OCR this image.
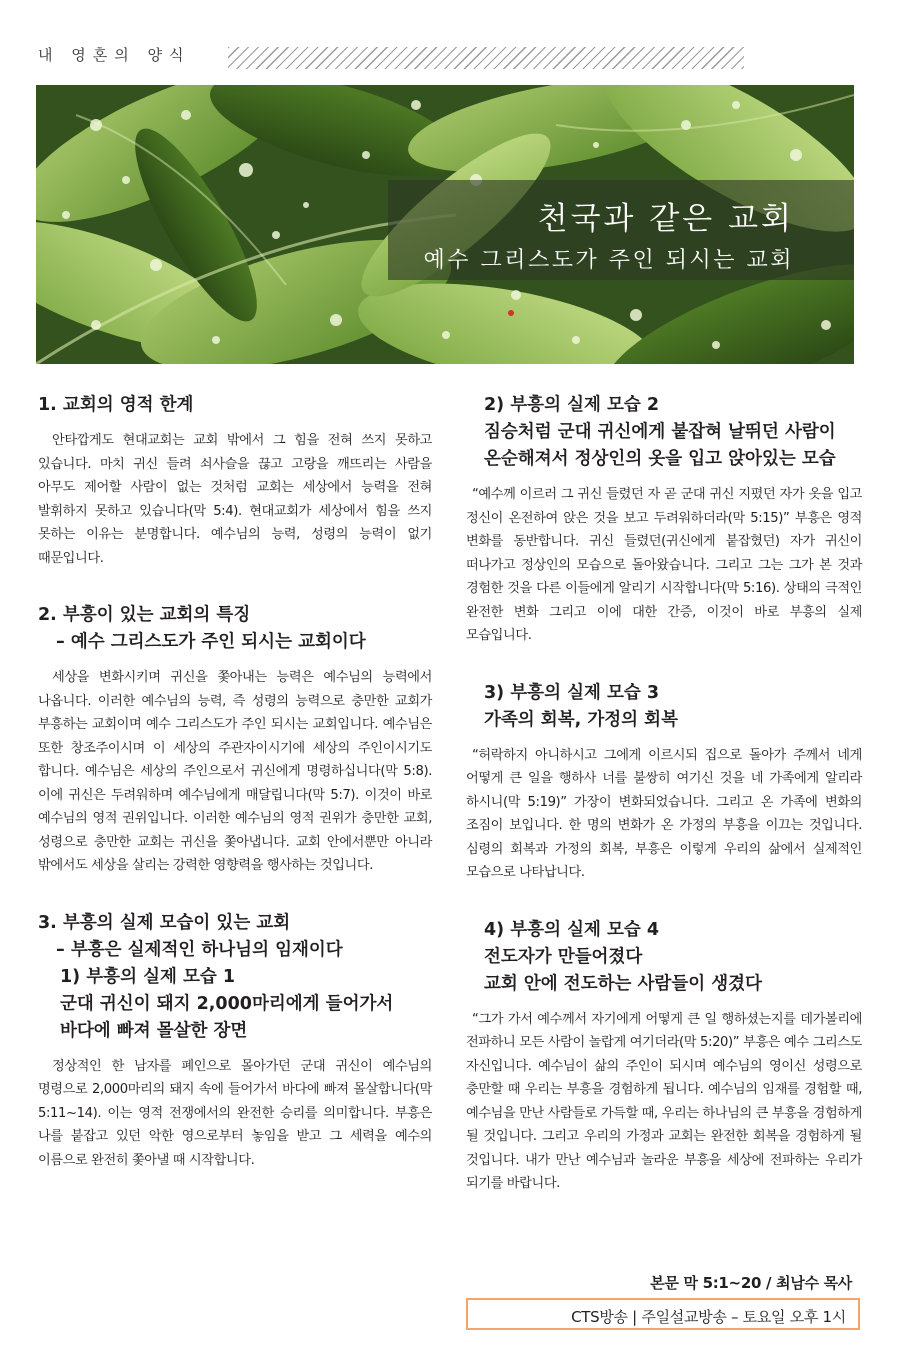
내 영혼의 양식
천국과 같은 교회
예수 그리스도가 주인 되시는 교회
1. 교회의 영적 한계

안타깝게도 현대교회는 교회 밖에서 그 힘을 전혀 쓰지 못하고 있습니다. 마치 귀신 들려 쇠사슬을 끊고 고랑을 깨뜨리는 사람을 아무도 제어할 사람이 없는 것처럼 교회는 세상에서 능력을 전혀 발휘하지 못하고 있습니다(막 5:4). 현대교회가 세상에서 힘을 쓰지 못하는 이유는 분명합니다. 예수님의 능력, 성령의 능력이 없기 때문입니다.

2. 부흥이 있는 교회의 특징
– 예수 그리스도가 주인 되시는 교회이다

세상을 변화시키며 귀신을 쫓아내는 능력은 예수님의 능력에서 나옵니다. 이러한 예수님의 능력, 즉 성령의 능력으로 충만한 교회가 부흥하는 교회이며 예수 그리스도가 주인 되시는 교회입니다. 예수님은 또한 창조주이시며 이 세상의 주관자이시기에 세상의 주인이시기도 합니다. 예수님은 세상의 주인으로서 귀신에게 명령하십니다(막 5:8). 이에 귀신은 두려워하며 예수님에게 매달립니다(막 5:7). 이것이 바로 예수님의 영적 권위입니다. 이러한 예수님의 영적 권위가 충만한 교회, 성령으로 충만한 교회는 귀신을 쫓아냅니다. 교회 안에서뿐만 아니라 밖에서도 세상을 살리는 강력한 영향력을 행사하는 것입니다.

3. 부흥의 실제 모습이 있는 교회
– 부흥은 실제적인 하나님의 임재이다
1) 부흥의 실제 모습 1
군대 귀신이 돼지 2,000마리에게 들어가서
바다에 빠져 몰살한 장면

정상적인 한 남자를 폐인으로 몰아가던 군대 귀신이 예수님의 명령으로 2,000마리의 돼지 속에 들어가서 바다에 빠져 몰살합니다(막 5:11~14). 이는 영적 전쟁에서의 완전한 승리를 의미합니다. 부흥은 나를 붙잡고 있던 악한 영으로부터 놓임을 받고 그 세력을 예수의 이름으로 완전히 쫓아낼 때 시작합니다.

2) 부흥의 실제 모습 2
짐승처럼 군대 귀신에게 붙잡혀 날뛰던 사람이
온순해져서 정상인의 옷을 입고 앉아있는 모습

“예수께 이르러 그 귀신 들렸던 자 곧 군대 귀신 지폈던 자가 옷을 입고 정신이 온전하여 앉은 것을 보고 두려워하더라(막 5:15)” 부흥은 영적 변화를 동반합니다. 귀신 들렸던(귀신에게 붙잡혔던) 자가 귀신이 떠나가고 정상인의 모습으로 돌아왔습니다. 그리고 그는 그가 본 것과 경험한 것을 다른 이들에게 알리기 시작합니다(막 5:16). 상태의 극적인 완전한 변화 그리고 이에 대한 간증, 이것이 바로 부흥의 실제 모습입니다.

3) 부흥의 실제 모습 3
가족의 회복, 가정의 회복

“허락하지 아니하시고 그에게 이르시되 집으로 돌아가 주께서 네게 어떻게 큰 일을 행하사 너를 불쌍히 여기신 것을 네 가족에게 알리라 하시니(막 5:19)” 가장이 변화되었습니다. 그리고 온 가족에 변화의 조짐이 보입니다. 한 명의 변화가 온 가정의 부흥을 이끄는 것입니다. 심령의 회복과 가정의 회복, 부흥은 이렇게 우리의 삶에서 실제적인 모습으로 나타납니다.

4) 부흥의 실제 모습 4
전도자가 만들어졌다
교회 안에 전도하는 사람들이 생겼다

“그가 가서 예수께서 자기에게 어떻게 큰 일 행하셨는지를 데가볼리에 전파하니 모든 사람이 놀랍게 여기더라(막 5:20)” 부흥은 예수 그리스도 자신입니다. 예수님이 삶의 주인이 되시며 예수님의 영이신 성령으로 충만할 때 우리는 부흥을 경험하게 됩니다. 예수님의 임재를 경험할 때, 예수님을 만난 사람들로 가득할 때, 우리는 하나님의 큰 부흥을 경험하게 될 것입니다. 그리고 우리의 가정과 교회는 완전한 회복을 경험하게 될 것입니다. 내가 만난 예수님과 놀라운 부흥을 세상에 전파하는 우리가 되기를 바랍니다.

본문 막 5:1~20 / 최남수 목사
CTS방송 | 주일설교방송 – 토요일 오후 1시
